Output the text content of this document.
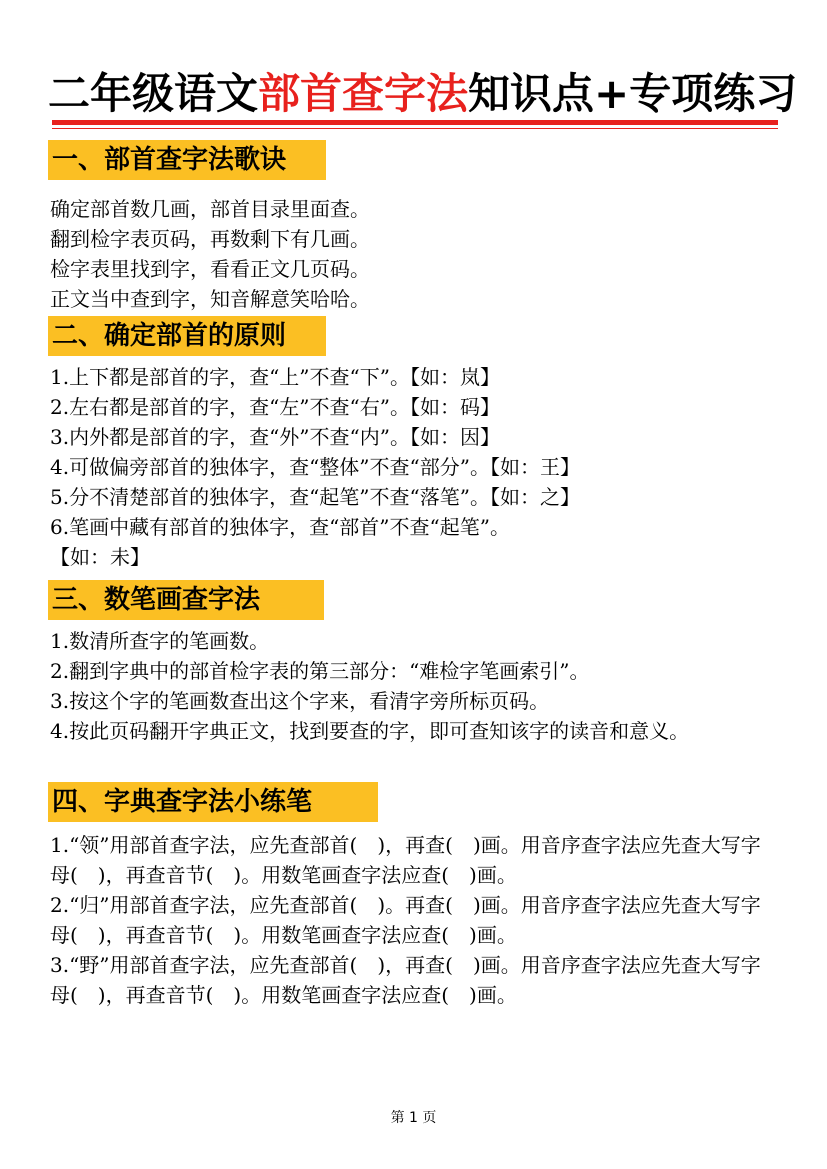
二年级语文部首查字法知识点+专项练习
一、部首查字法歌诀
确定部首数几画，部首目录里面查。
翻到检字表页码，再数剩下有几画。
检字表里找到字，看看正文几页码。
正文当中查到字，知音解意笑哈哈。
二、确定部首的原则
1.上下都是部首的字，查“上”不查“下”。【如：岚】
2.左右都是部首的字，查“左”不查“右”。【如：码】
3.内外都是部首的字，查“外”不查“内”。【如：因】
4.可做偏旁部首的独体字，查“整体”不查“部分”。【如：王】
5.分不清楚部首的独体字，查“起笔”不查“落笔”。【如：之】
6.笔画中藏有部首的独体字，查“部首”不查“起笔”。
【如：未】
三、数笔画查字法
1.数清所查字的笔画数。
2.翻到字典中的部首检字表的第三部分：“难检字笔画索引”。
3.按这个字的笔画数查出这个字来，看清字旁所标页码。
4.按此页码翻开字典正文，找到要查的字，即可查知该字的读音和意义。
四、字典查字法小练笔
1.“领”用部首查字法，应先查部首(　)，再查(　)画。用音序查字法应先查大写字母(　)，再查音节(　)。用数笔画查字法应查(　)画。
2.“归”用部首查字法，应先查部首(　)。再查(　)画。用音序查字法应先查大写字母(　)，再查音节(　)。用数笔画查字法应查(　)画。
3.“野”用部首查字法，应先查部首(　)，再查(　)画。用音序查字法应先查大写字母(　)，再查音节(　)。用数笔画查字法应查(　)画。
第 1 页
